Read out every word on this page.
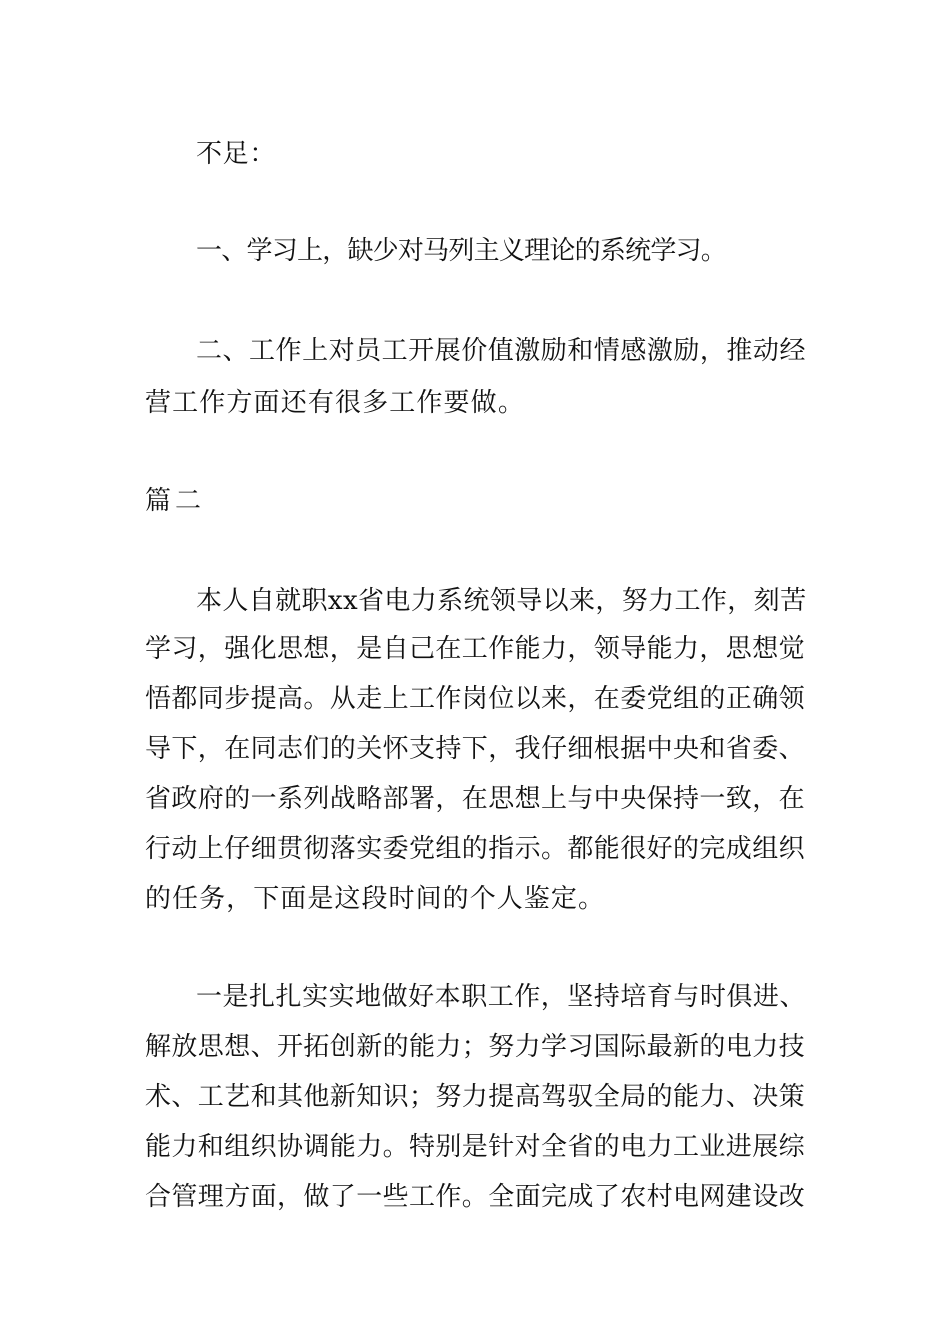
不足：
一、学习上，缺少对马列主义理论的系统学习。
二、工作上对员工开展价值激励和情感激励，推动经
营工作方面还有很多工作要做。
篇二
本人自就职xx省电力系统领导以来，努力工作，刻苦
学习，强化思想，是自己在工作能力，领导能力，思想觉
悟都同步提高。从走上工作岗位以来，在委党组的正确领
导下，在同志们的关怀支持下，我仔细根据中央和省委、
省政府的一系列战略部署，在思想上与中央保持一致，在
行动上仔细贯彻落实委党组的指示。都能很好的完成组织
的任务，下面是这段时间的个人鉴定。
一是扎扎实实地做好本职工作，坚持培育与时俱进、
解放思想、开拓创新的能力；努力学习国际最新的电力技
术、工艺和其他新知识；努力提高驾驭全局的能力、决策
能力和组织协调能力。特别是针对全省的电力工业进展综
合管理方面，做了一些工作。全面完成了农村电网建设改
